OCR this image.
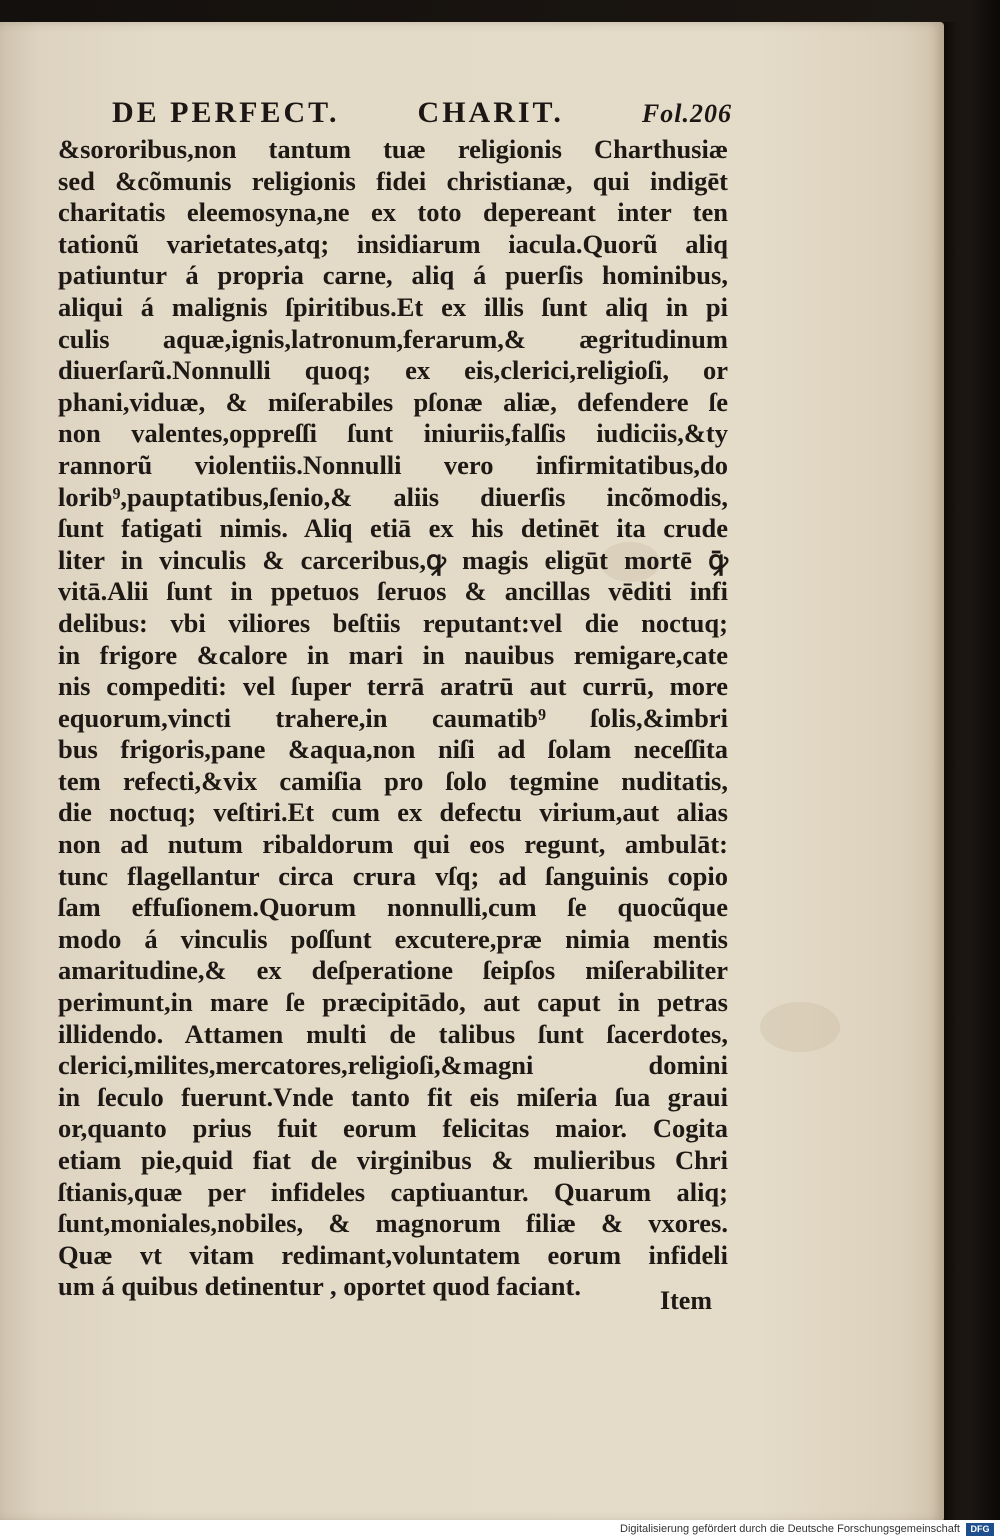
DE PERFECT.	CHARIT.	Fol.206
&sororibus,non tantum tuæ religionis Charthusiæ
sed &cõmunis religionis fidei christianæ, qui indigēt
charitatis eleemosyna,ne ex toto depereant inter ten
tationũ varietates,atq; insidiarum iacula.Quorũ aliq
patiuntur á propria carne, aliq á puerſis hominibus,
aliqui á malignis ſpiritibus.Et ex illis ſunt aliq in pi
culis aquæ,ignis,latronum,ferarum,& ægritudinum
diuerſarũ.Nonnulli quoq; ex eis,clerici,religioſi, or
phani,viduæ, & miſerabiles pſonæ aliæ, defendere ſe
non valentes,oppreſſi ſunt iniuriis,falſis iudiciis,&ty
rannorũ violentiis.Nonnulli vero infirmitatibus,do
lorib⁹,pauptatibus,ſenio,& aliis diuerſis incõmodis,
ſunt fatigati nimis. Aliq etiā ex his detinēt ita crude
liter in vinculis & carceribus,ꝙ magis eligūt mortē ꝙ̄
vitā.Alii ſunt in ppetuos ſeruos & ancillas vēditi infi
delibus: vbi viliores beſtiis reputant:vel die noctuq;
in frigore &calore in mari in nauibus remigare,cate
nis compediti: vel ſuper terrā aratrū aut currū, more
equorum,vincti trahere,in caumatib⁹ ſolis,&imbri
bus frigoris,pane &aqua,non niſi ad ſolam neceſſita
tem refecti,&vix camiſia pro ſolo tegmine nuditatis,
die noctuq; veſtiri.Et cum ex defectu virium,aut alias
non ad nutum ribaldorum qui eos regunt, ambulāt:
tunc flagellantur circa crura vſq; ad ſanguinis copio
ſam effuſionem.Quorum nonnulli,cum ſe quocũque
modo á vinculis poſſunt excutere,præ nimia mentis
amaritudine,& ex deſperatione ſeipſos miſerabiliter
perimunt,in mare ſe præcipitādo, aut caput in petras
illidendo. Attamen multi de talibus ſunt ſacerdotes,
clerici,milites,mercatores,religioſi,&magni domini
in ſeculo fuerunt.Vnde tanto fit eis miſeria ſua graui
or,quanto prius fuit eorum felicitas maior. Cogita
etiam pie,quid fiat de virginibus & mulieribus Chri
ſtianis,quæ per infideles captiuantur. Quarum aliq;
ſunt,moniales,nobiles, & magnorum filiæ & vxores.
Quæ vt vitam redimant,voluntatem eorum infideli
um á quibus detinentur , oportet quod faciant.	Item
Digitalisierung gefördert durch die Deutsche Forschungsgemeinschaft	DFG
